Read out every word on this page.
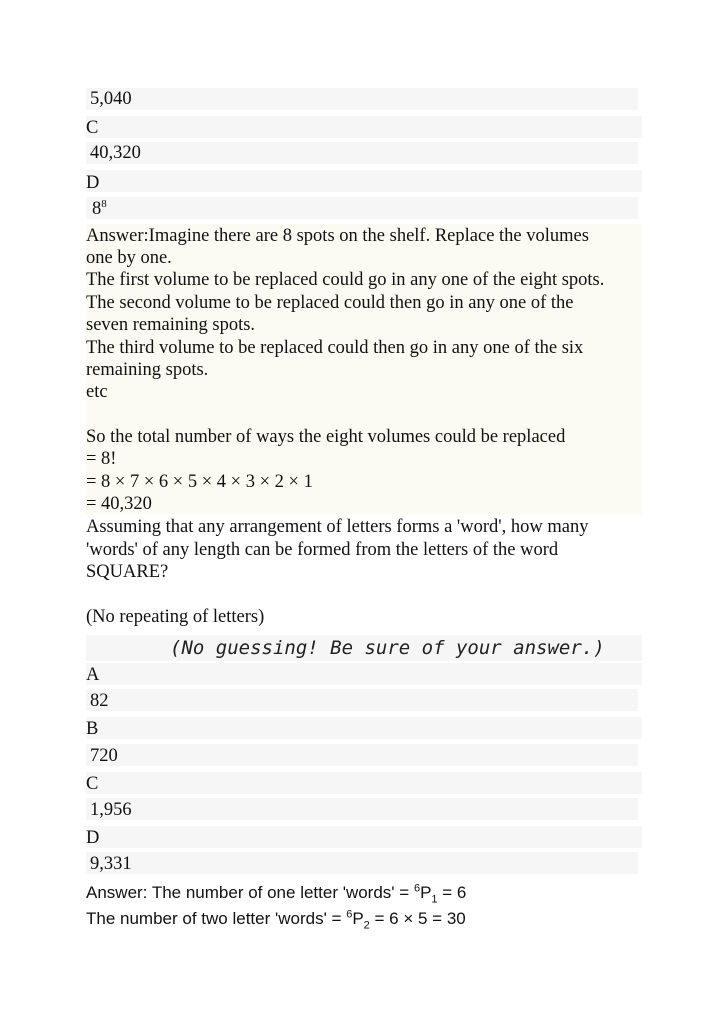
5,040
C
40,320
D
$8^8$
Answer:Imagine there are 8 spots on the shelf. Replace the volumes
one by one.
The first volume to be replaced could go in any one of the eight spots.
The second volume to be replaced could then go in any one of the
seven remaining spots.
The third volume to be replaced could then go in any one of the six
remaining spots.
etc
So the total number of ways the eight volumes could be replaced
= 8!
= 8 × 7 × 6 × 5 × 4 × 3 × 2 × 1
= 40,320
Assuming that any arrangement of letters forms a 'word', how many
'words' of any length can be formed from the letters of the word
SQUARE?
(No repeating of letters)
(No guessing! Be sure of your answer.)
A
82
B
720
C
1,956
D
9,331
Answer: The number of one letter 'words' = $^6P_1 = 6$
The number of two letter 'words' = $^6P_2 = 6 \times 5 = 30$
